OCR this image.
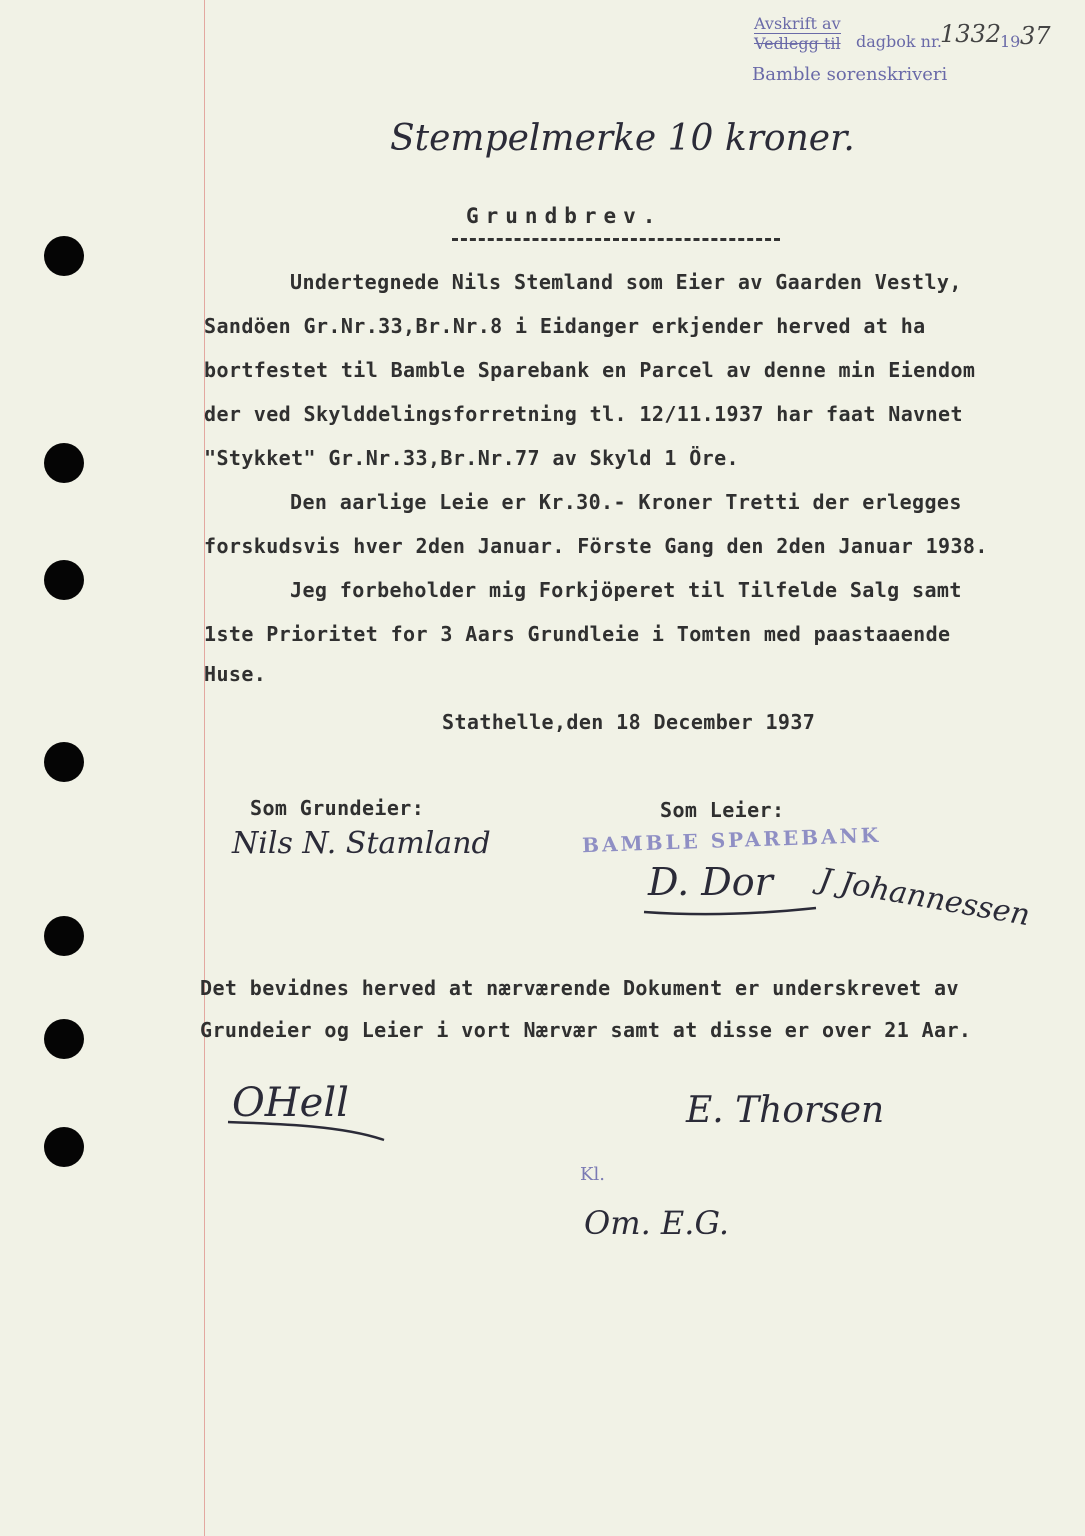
Avskrift av
Vedlegg til dagbok nr.
1332
19 37
Bamble sorenskriveri
Stempelmerke 10 kroner.
Grundbrev.
Undertegnede Nils Stemland som Eier av Gaarden Vestly,
Sandöen Gr.Nr.33,Br.Nr.8 i Eidanger erkjender herved at ha
bortfestet til Bamble Sparebank en Parcel av denne min Eiendom
der ved Skylddelingsforretning tl. 12/11.1937 har faat Navnet
"Stykket" Gr.Nr.33,Br.Nr.77 av Skyld 1 Öre.
Den aarlige Leie er Kr.30.- Kroner Tretti der erlegges
forskudsvis hver 2den Januar. Förste Gang den 2den Januar 1938.
Jeg forbeholder mig Forkjöperet til Tilfelde Salg samt
1ste Prioritet for 3 Aars Grundleie i Tomten med paastaaende
Huse.
Stathelle,den 18 December 1937
Som Grundeier:
Nils N. Stamland
Som Leier:
BAMBLE SPAREBANK
D. Dor J Johannessen
Det bevidnes herved at nærværende Dokument er underskrevet av
Grundeier og Leier i vort Nærvær samt at disse er over 21 Aar.
OHell	E. Thorsen
Kl.
Om. E.G.
